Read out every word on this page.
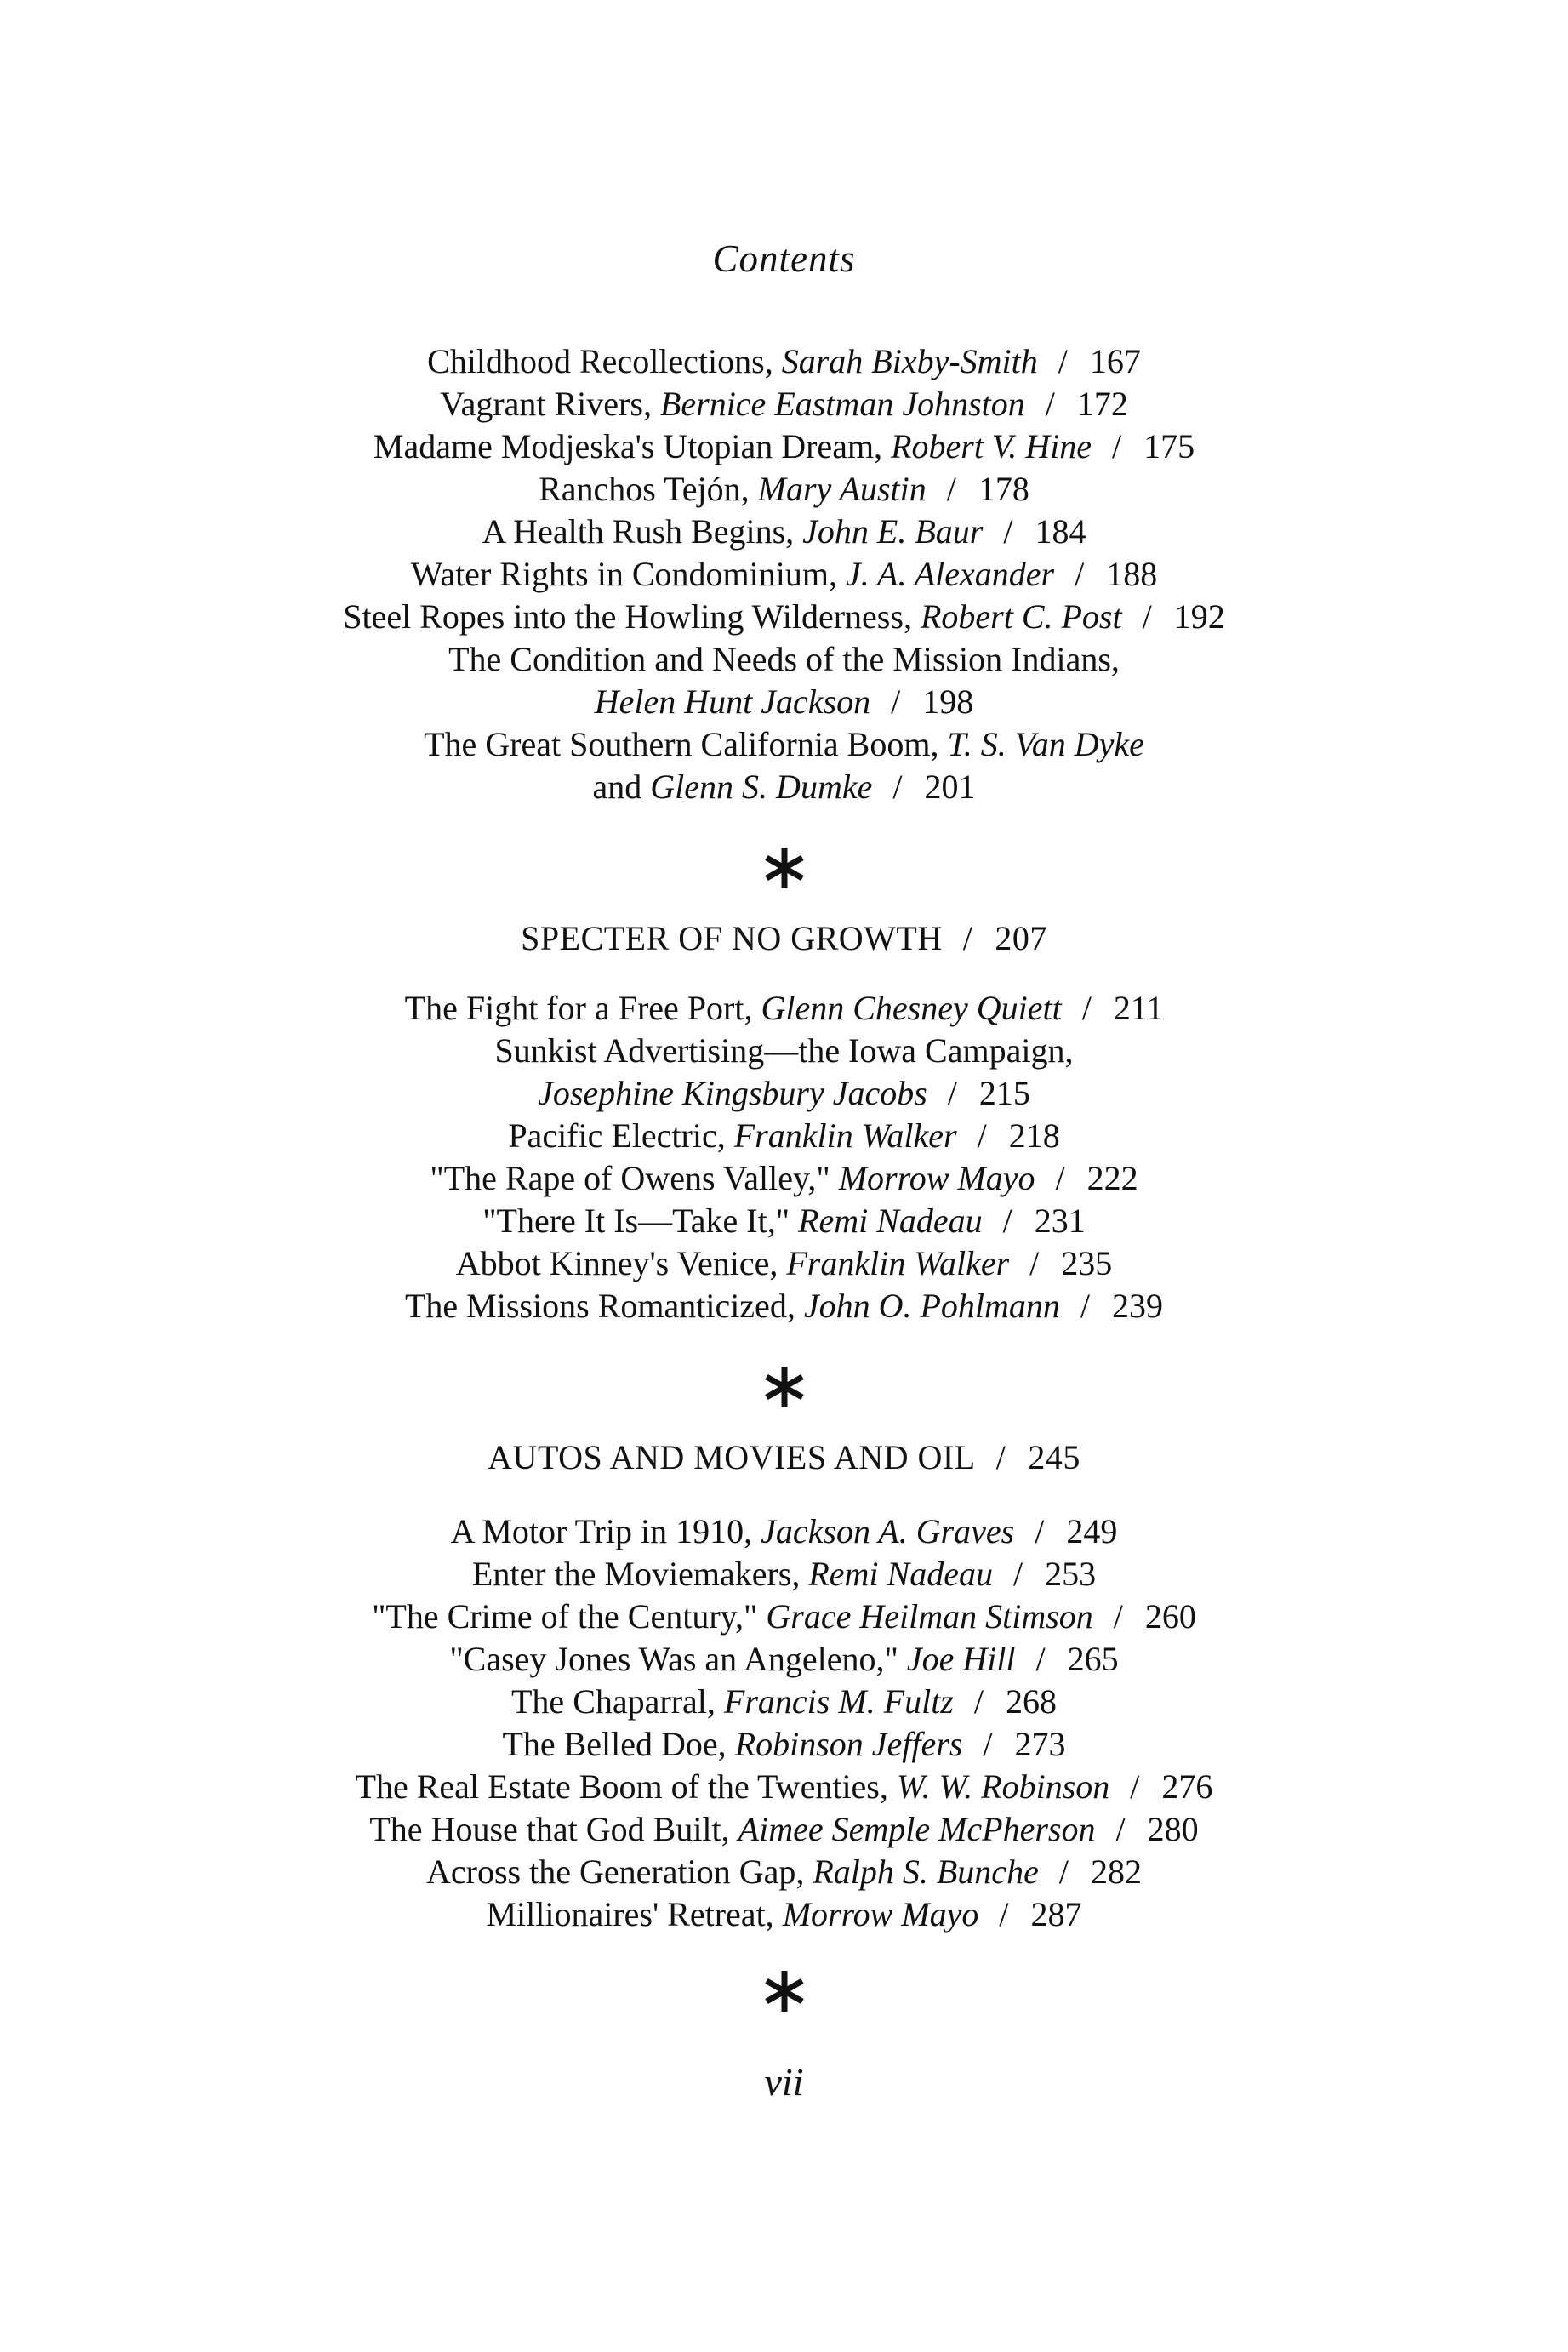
Contents
Childhood Recollections, Sarah Bixby-Smith / 167
Vagrant Rivers, Bernice Eastman Johnston / 172
Madame Modjeska's Utopian Dream, Robert V. Hine / 175
Ranchos Tejón, Mary Austin / 178
A Health Rush Begins, John E. Baur / 184
Water Rights in Condominium, J. A. Alexander / 188
Steel Ropes into the Howling Wilderness, Robert C. Post / 192
The Condition and Needs of the Mission Indians,
Helen Hunt Jackson / 198
The Great Southern California Boom, T. S. Van Dyke
and Glenn S. Dumke / 201
SPECTER OF NO GROWTH / 207
The Fight for a Free Port, Glenn Chesney Quiett / 211
Sunkist Advertising—the Iowa Campaign,
Josephine Kingsbury Jacobs / 215
Pacific Electric, Franklin Walker / 218
"The Rape of Owens Valley," Morrow Mayo / 222
"There It Is—Take It," Remi Nadeau / 231
Abbot Kinney's Venice, Franklin Walker / 235
The Missions Romanticized, John O. Pohlmann / 239
AUTOS AND MOVIES AND OIL / 245
A Motor Trip in 1910, Jackson A. Graves / 249
Enter the Moviemakers, Remi Nadeau / 253
"The Crime of the Century," Grace Heilman Stimson / 260
"Casey Jones Was an Angeleno," Joe Hill / 265
The Chaparral, Francis M. Fultz / 268
The Belled Doe, Robinson Jeffers / 273
The Real Estate Boom of the Twenties, W. W. Robinson / 276
The House that God Built, Aimee Semple McPherson / 280
Across the Generation Gap, Ralph S. Bunche / 282
Millionaires' Retreat, Morrow Mayo / 287
vii
